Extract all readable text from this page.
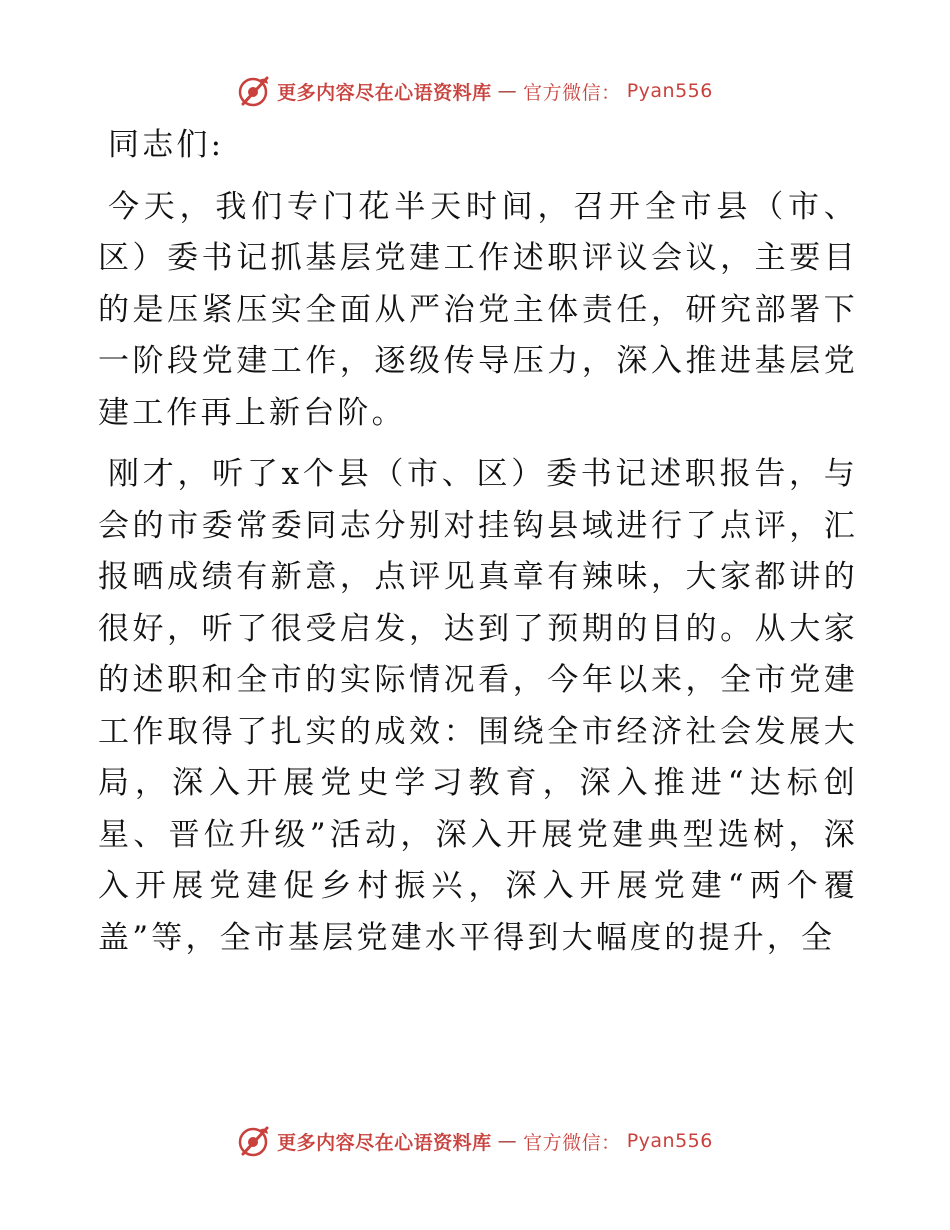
更多内容尽在心语资料库 — 官方微信： Pyan556

同志们:

今天，我们专门花半天时间，召开全市县（市、区）委书记抓基层党建工作述职评议会议，主要目的是压紧压实全面从严治党主体责任，研究部署下一阶段党建工作，逐级传导压力，深入推进基层党建工作再上新台阶。

刚才，听了x个县（市、区）委书记述职报告，与会的市委常委同志分别对挂钩县域进行了点评，汇报晒成绩有新意，点评见真章有辣味，大家都讲的很好，听了很受启发，达到了预期的目的。从大家的述职和全市的实际情况看，今年以来，全市党建工作取得了扎实的成效：围绕全市经济社会发展大局，深入开展党史学习教育，深入推进“达标创星、晋位升级”活动，深入开展党建典型选树，深入开展党建促乡村振兴，深入开展党建“两个覆盖”等，全市基层党建水平得到大幅度的提升，全

更多内容尽在心语资料库 — 官方微信： Pyan556
